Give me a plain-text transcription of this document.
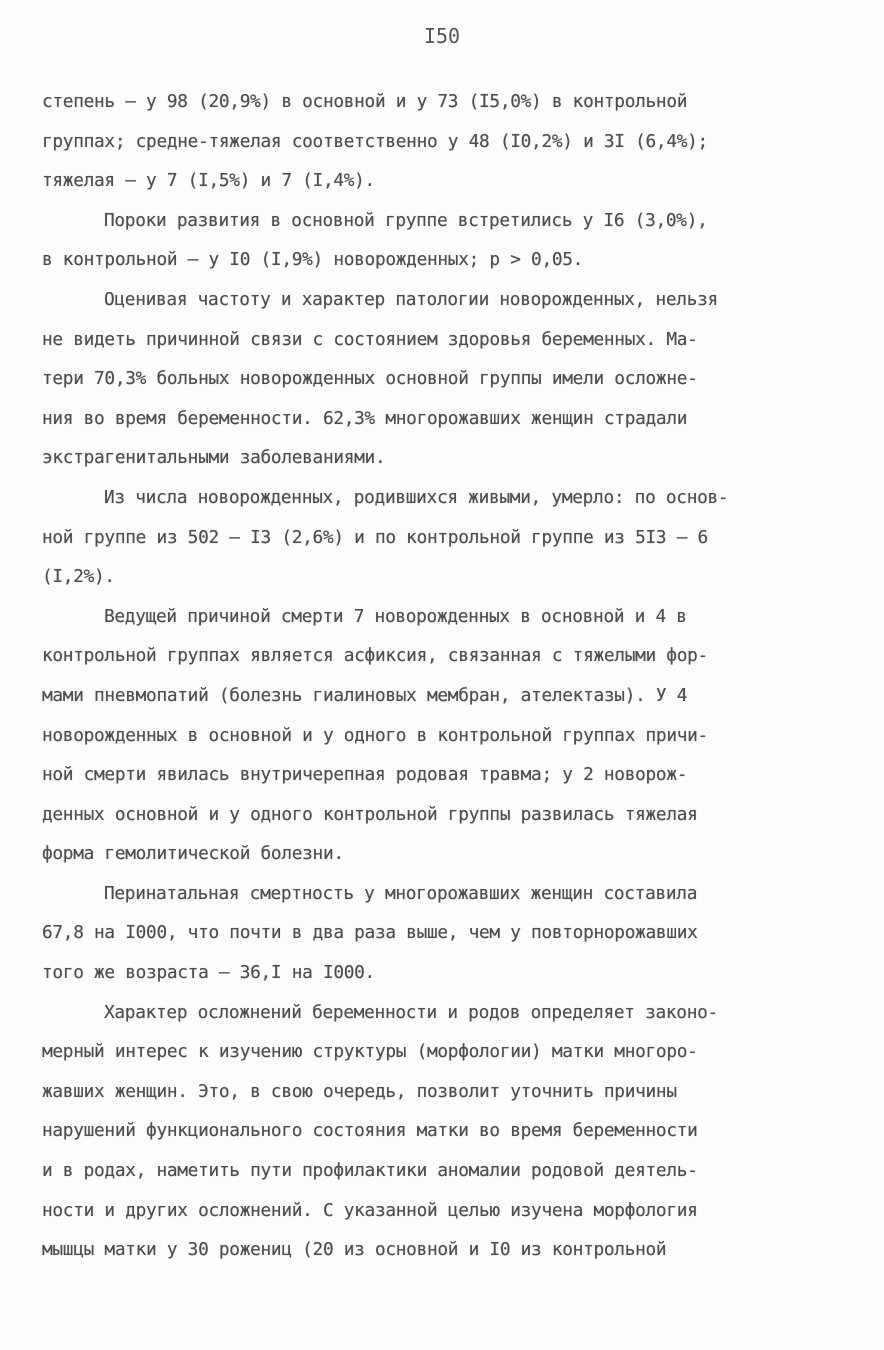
I50
степень – у 98 (20,9%) в основной и у 73 (I5,0%) в контрольной
группах; средне-тяжелая соответственно у 48 (I0,2%) и 3I (6,4%);
тяжелая – у 7 (I,5%) и 7 (I,4%).
Пороки развития в основной группе встретились у I6 (3,0%),
в контрольной – у I0 (I,9%) новорожденных; p > 0,05.
Оценивая частоту и характер патологии новорожденных, нельзя
не видеть причинной связи с состоянием здоровья беременных. Ма-
тери 70,3% больных новорожденных основной группы имели осложне-
ния во время беременности. 62,3% многорожавших женщин страдали
экстрагенитальными заболеваниями.
Из числа новорожденных, родившихся живыми, умерло: по основ-
ной группе из 502 – I3 (2,6%) и по контрольной группе из 5I3 – 6
(I,2%).
Ведущей причиной смерти 7 новорожденных в основной и 4 в
контрольной группах является асфиксия, связанная с тяжелыми фор-
мами пневмопатий (болезнь гиалиновых мембран, ателектазы). У 4
новорожденных в основной и у одного в контрольной группах причи-
ной смерти явилась внутричерепная родовая травма; у 2 новорож-
денных основной и у одного контрольной группы развилась тяжелая
форма гемолитической болезни.
Перинатальная смертность у многорожавших женщин составила
67,8 на I000, что почти в два раза выше, чем у повторнорожавших
того же возраста – 36,I на I000.
Характер осложнений беременности и родов определяет законо-
мерный интерес к изучению структуры (морфологии) матки многоро-
жавших женщин. Это, в свою очередь, позволит уточнить причины
нарушений функционального состояния матки во время беременности
и в родах, наметить пути профилактики аномалии родовой деятель-
ности и других осложнений. С указанной целью изучена морфология
мышцы матки у 30 рожениц (20 из основной и I0 из контрольной
